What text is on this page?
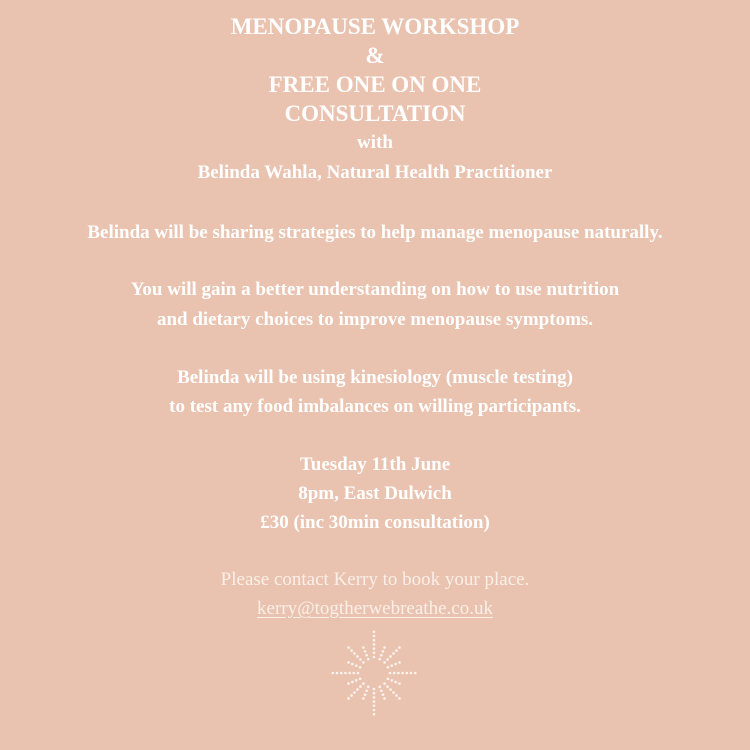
MENOPAUSE WORKSHOP
&
FREE ONE ON ONE
CONSULTATION
with
Belinda Wahla, Natural Health Practitioner
Belinda will be sharing strategies to help manage menopause naturally.
You will gain a better understanding on how to use nutrition
and dietary choices to improve menopause symptoms.
Belinda will be using kinesiology (muscle testing)
to test any food imbalances on willing participants.
Tuesday 11th June
8pm, East Dulwich
£30 (inc 30min consultation)
Please contact Kerry to book your place.
kerry@togtherwebreathe.co.uk
